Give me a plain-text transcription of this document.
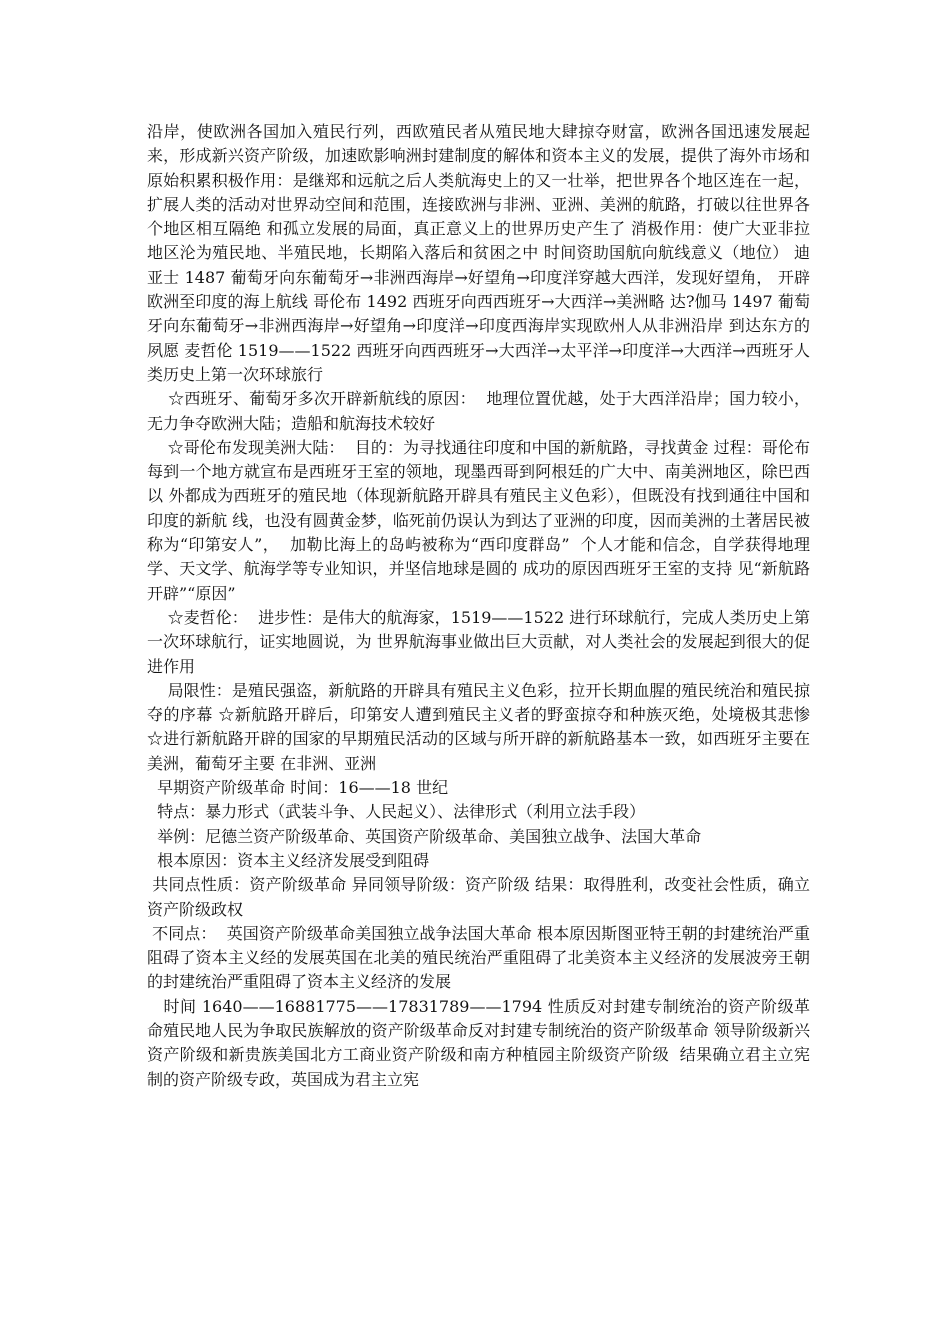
沿岸，使欧洲各国加入殖民行列，西欧殖民者从殖民地大肆掠夺财富，欧洲各国迅速发展起来，形成新兴资产阶级，加速欧影响洲封建制度的解体和资本主义的发展，提供了海外市场和原始积累积极作用：是继郑和远航之后人类航海史上的又一壮举，把世界各个地区连在一起，扩展人类的活动对世界动空间和范围，连接欧洲与非洲、亚洲、美洲的航路，打破以往世界各个地区相互隔绝 和孤立发展的局面，真正意义上的世界历史产生了 消极作用：使广大亚非拉地区沦为殖民地、半殖民地，长期陷入落后和贫困之中 时间资助国航向航线意义（地位） 迪亚士 1487 葡萄牙向东葡萄牙→非洲西海岸→好望角→印度洋穿越大西洋，发现好望角， 开辟欧洲至印度的海上航线 哥伦布 1492 西班牙向西西班牙→大西洋→美洲略 达?伽马 1497 葡萄牙向东葡萄牙→非洲西海岸→好望角→印度洋→印度西海岸实现欧州人从非洲沿岸 到达东方的夙愿 麦哲伦 1519——1522 西班牙向西西班牙→大西洋→太平洋→印度洋→大西洋→西班牙人类历史上第一次环球旅行

☆西班牙、葡萄牙多次开辟新航线的原因：  地理位置优越，处于大西洋沿岸；国力较小，无力争夺欧洲大陆；造船和航海技术较好

☆哥伦布发现美洲大陆：  目的：为寻找通往印度和中国的新航路，寻找黄金 过程：哥伦布每到一个地方就宣布是西班牙王室的领地，现墨西哥到阿根廷的广大中、南美洲地区，除巴西以 外都成为西班牙的殖民地（体现新航路开辟具有殖民主义色彩），但既没有找到通往中国和印度的新航 线，也没有圆黄金梦，临死前仍误认为到达了亚洲的印度，因而美洲的土著居民被称为“印第安人”，  加勒比海上的岛屿被称为“西印度群岛”  个人才能和信念，自学获得地理学、天文学、航海学等专业知识，并坚信地球是圆的 成功的原因西班牙王室的支持 见“新航路开辟”“原因”

☆麦哲伦：  进步性：是伟大的航海家，1519——1522 进行环球航行，完成人类历史上第一次环球航行，证实地圆说，为 世界航海事业做出巨大贡献，对人类社会的发展起到很大的促进作用

局限性：是殖民强盗，新航路的开辟具有殖民主义色彩，拉开长期血腥的殖民统治和殖民掠夺的序幕 ☆新航路开辟后，印第安人遭到殖民主义者的野蛮掠夺和种族灭绝，处境极其悲惨 ☆进行新航路开辟的国家的早期殖民活动的区域与所开辟的新航路基本一致，如西班牙主要在美洲，葡萄牙主要 在非洲、亚洲

早期资产阶级革命 时间：16——18 世纪

特点：暴力形式（武装斗争、人民起义）、法律形式（利用立法手段）

举例：尼德兰资产阶级革命、英国资产阶级革命、美国独立战争、法国大革命

根本原因：资本主义经济发展受到阻碍

共同点性质：资产阶级革命 异同领导阶级：资产阶级 结果：取得胜利，改变社会性质，确立资产阶级政权

不同点：  英国资产阶级革命美国独立战争法国大革命 根本原因斯图亚特王朝的封建统治严重阻碍了资本主义经的发展英国在北美的殖民统治严重阻碍了北美资本主义经济的发展波旁王朝的封建统治严重阻碍了资本主义经济的发展

时间 1640——16881775——17831789——1794 性质反对封建专制统治的资产阶级革命殖民地人民为争取民族解放的资产阶级革命反对封建专制统治的资产阶级革命 领导阶级新兴资产阶级和新贵族美国北方工商业资产阶级和南方种植园主阶级资产阶级  结果确立君主立宪制的资产阶级专政，英国成为君主立宪
